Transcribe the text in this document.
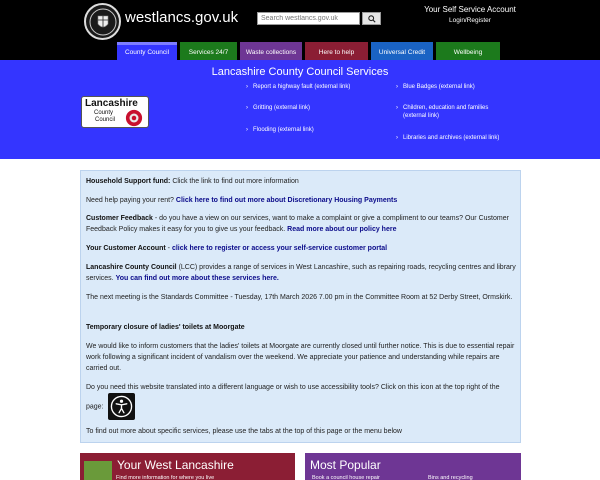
westlancs.gov.uk
Search westlancs.gov.uk	Your Self Service Account
Login/Register
County Council	Services 24/7	Waste collections	Here to help	Universal Credit	Wellbeing
Lancashire County Council Services
Lancashire
County
Council
› Report a highway fault (external link)
› Gritting (external link)
› Flooding (external link)
› Blue Badges (external link)
› Children, education and families (external link)
› Libraries and archives (external link)
Household Support fund: Click the link to find out more information
Need help paying your rent? Click here to find out more about Discretionary Housing Payments
Customer Feedback - do you have a view on our services, want to make a complaint or give a compliment to our teams? Our Customer Feedback Policy makes it easy for you to give us your feedback. Read more about our policy here
Your Customer Account - click here to register or access your self-service customer portal
Lancashire County Council (LCC) provides a range of services in West Lancashire, such as repairing roads, recycling centres and library services. You can find out more about these services here.
The next meeting is the Standards Committee - Tuesday, 17th March 2026 7.00 pm in the Committee Room at 52 Derby Street, Ormskirk.
Temporary closure of ladies' toilets at Moorgate
We would like to inform customers that the ladies' toilets at Moorgate are currently closed until further notice. This is due to essential repair work following a significant incident of vandalism over the weekend. We appreciate your patience and understanding while repairs are carried out.
Do you need this website translated into a different language or wish to use accessibility tools? Click on this icon at the top right of the page:
To find out more about specific services, please use the tabs at the top of this page or the menu below
Your West Lancashire
Find more information for where you live
Most Popular
Book a council house repair	Bins and recycling
